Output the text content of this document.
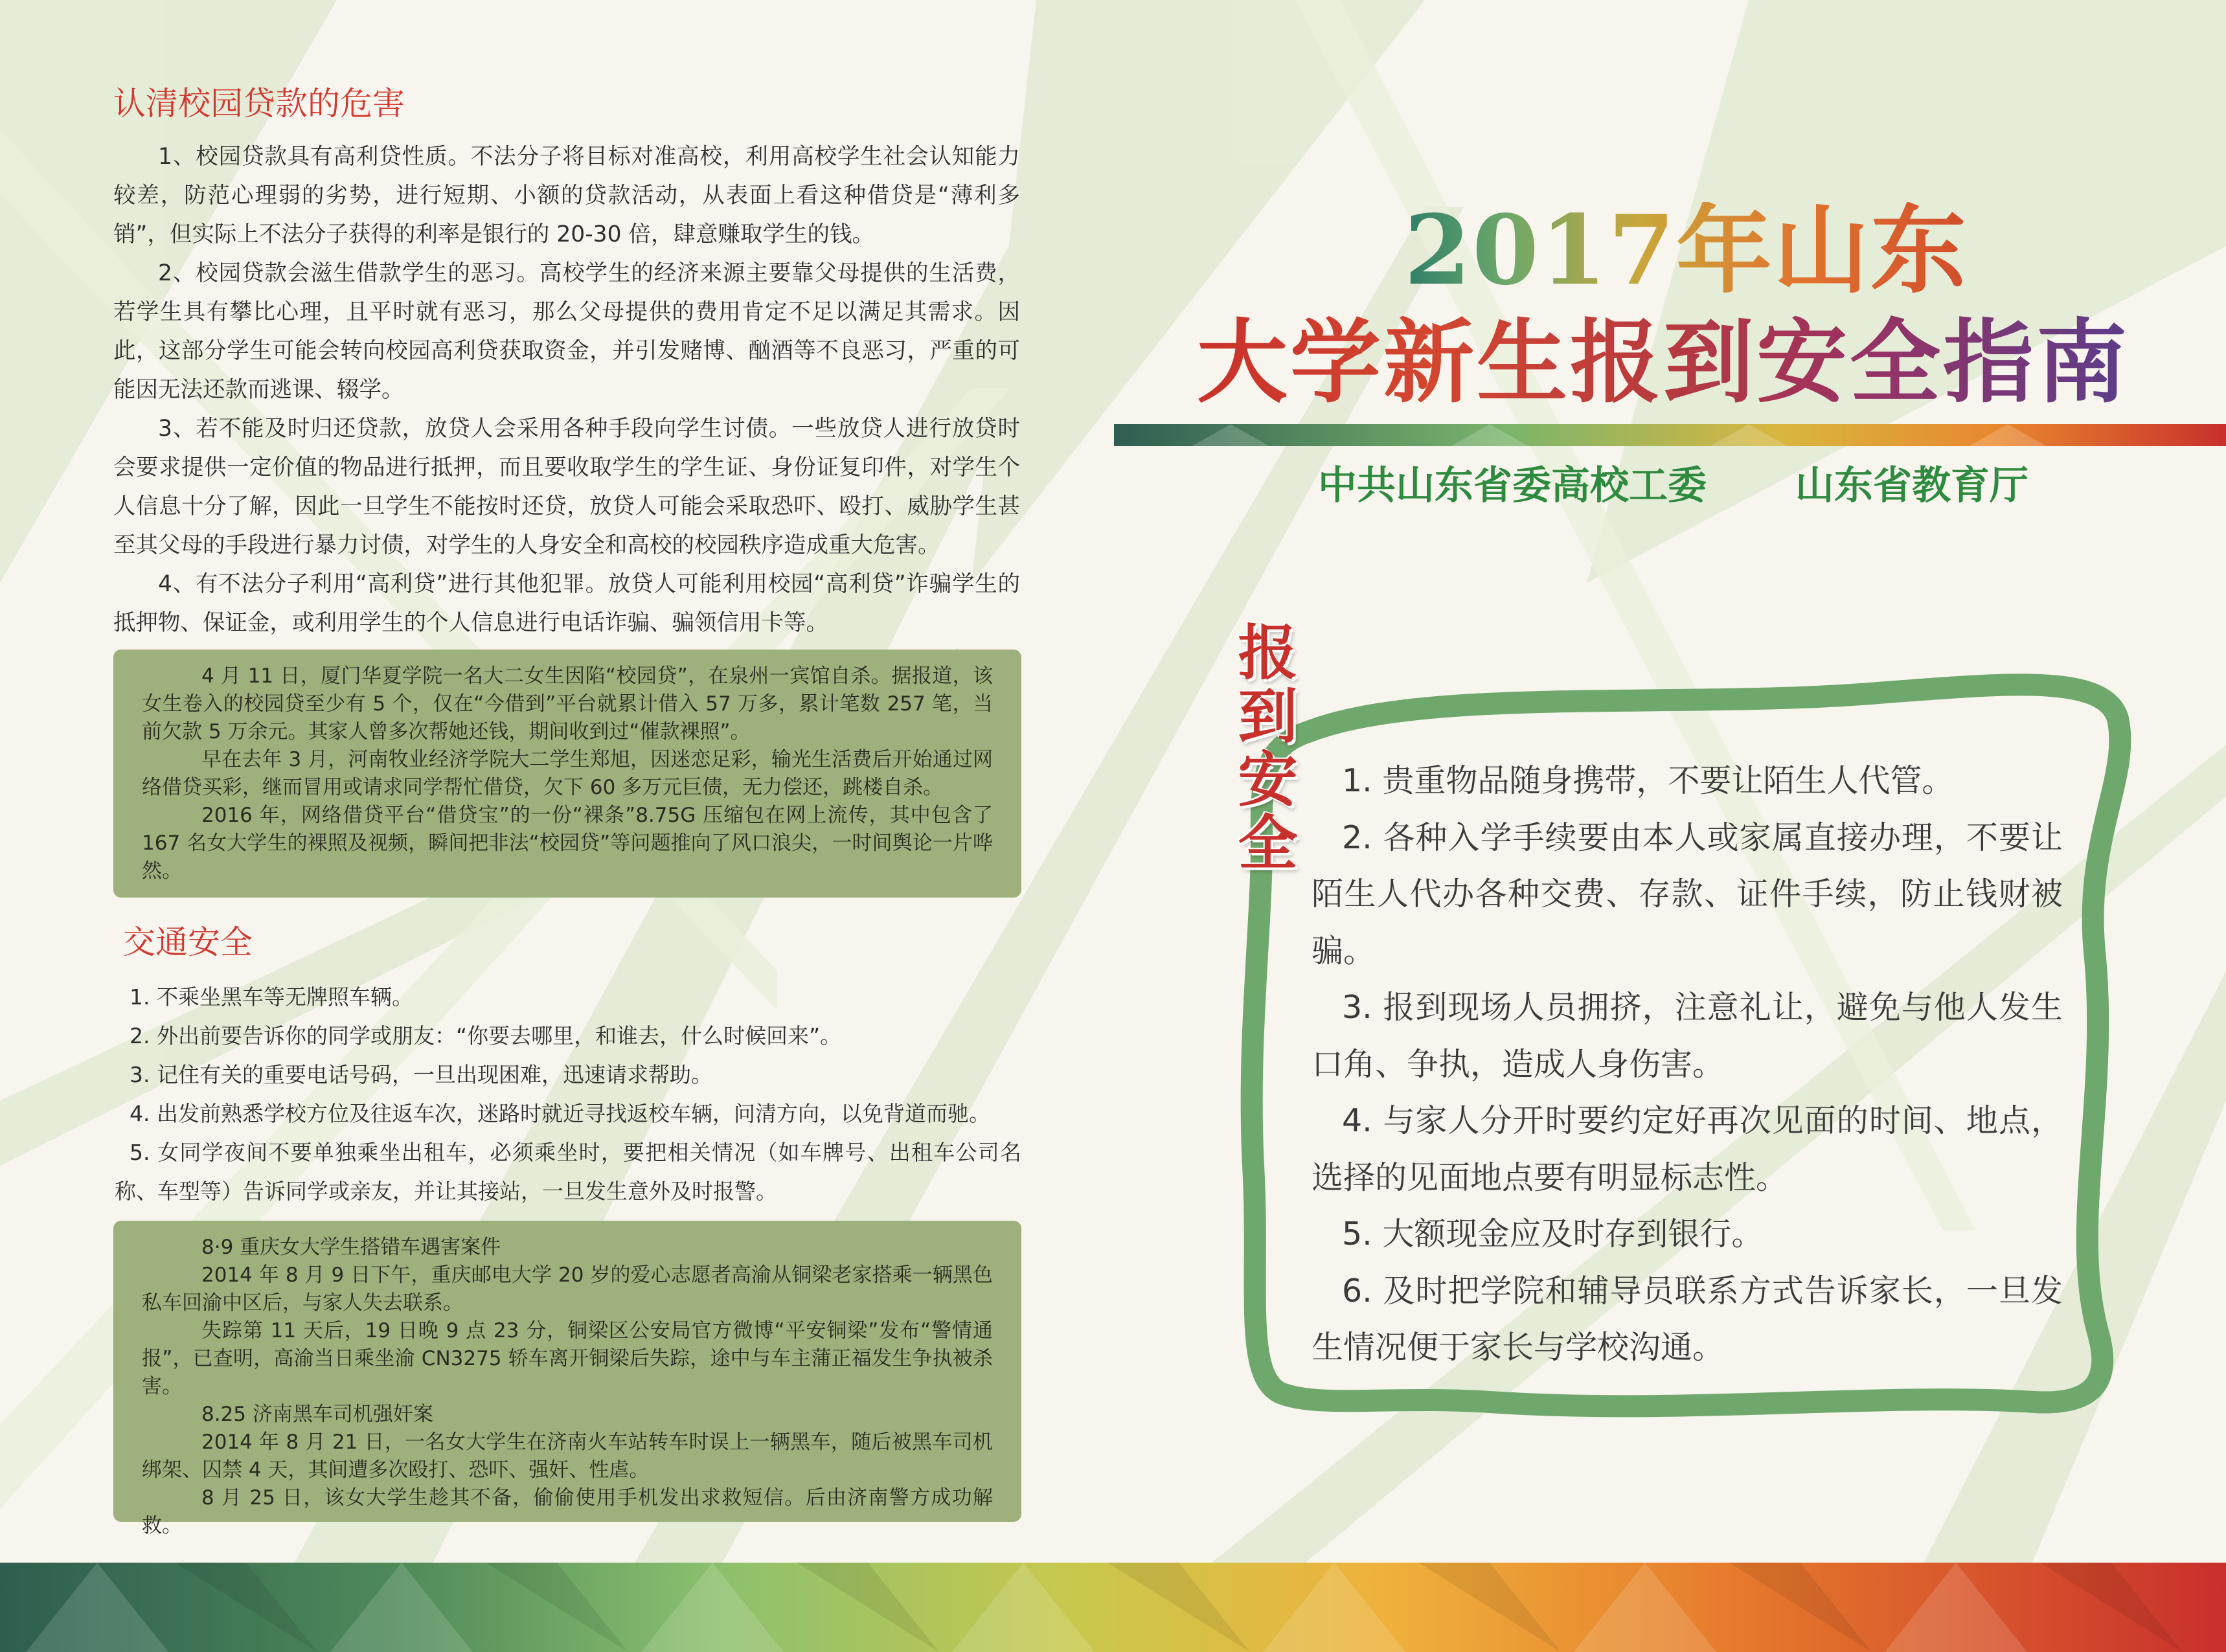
认清校园贷款的危害

1、校园贷款具有高利贷性质。不法分子将目标对准高校，利用高校学生社会认知能力较差，防范心理弱的劣势，进行短期、小额的贷款活动，从表面上看这种借贷是“薄利多销”，但实际上不法分子获得的利率是银行的 20-30 倍，肆意赚取学生的钱。

2、校园贷款会滋生借款学生的恶习。高校学生的经济来源主要靠父母提供的生活费，若学生具有攀比心理，且平时就有恶习，那么父母提供的费用肯定不足以满足其需求。因此，这部分学生可能会转向校园高利贷获取资金，并引发赌博、酗酒等不良恶习，严重的可能因无法还款而逃课、辍学。

3、若不能及时归还贷款，放贷人会采用各种手段向学生讨债。一些放贷人进行放贷时会要求提供一定价值的物品进行抵押，而且要收取学生的学生证、身份证复印件，对学生个人信息十分了解，因此一旦学生不能按时还贷，放贷人可能会采取恐吓、殴打、威胁学生甚至其父母的手段进行暴力讨债，对学生的人身安全和高校的校园秩序造成重大危害。

4、有不法分子利用“高利贷”进行其他犯罪。放贷人可能利用校园“高利贷”诈骗学生的抵押物、保证金，或利用学生的个人信息进行电话诈骗、骗领信用卡等。

4 月 11 日，厦门华夏学院一名大二女生因陷“校园贷”，在泉州一宾馆自杀。据报道，该女生卷入的校园贷至少有 5 个，仅在“今借到”平台就累计借入 57 万多，累计笔数 257 笔，当前欠款 5 万余元。其家人曾多次帮她还钱，期间收到过“催款裸照”。

早在去年 3 月，河南牧业经济学院大二学生郑旭，因迷恋足彩，输光生活费后开始通过网络借贷买彩，继而冒用或请求同学帮忙借贷，欠下 60 多万元巨债，无力偿还，跳楼自杀。

2016 年，网络借贷平台“借贷宝”的一份“裸条”8.75G 压缩包在网上流传，其中包含了 167 名女大学生的裸照及视频，瞬间把非法“校园贷”等问题推向了风口浪尖，一时间舆论一片哗然。

交通安全

1. 不乘坐黑车等无牌照车辆。

2. 外出前要告诉你的同学或朋友：“你要去哪里，和谁去，什么时候回来”。

3. 记住有关的重要电话号码，一旦出现困难，迅速请求帮助。

4. 出发前熟悉学校方位及往返车次，迷路时就近寻找返校车辆，问清方向，以免背道而驰。

5. 女同学夜间不要单独乘坐出租车，必须乘坐时，要把相关情况（如车牌号、出租车公司名称、车型等）告诉同学或亲友，并让其接站，一旦发生意外及时报警。

8·9 重庆女大学生搭错车遇害案件

2014 年 8 月 9 日下午，重庆邮电大学 20 岁的爱心志愿者高渝从铜梁老家搭乘一辆黑色私车回渝中区后，与家人失去联系。

失踪第 11 天后，19 日晚 9 点 23 分，铜梁区公安局官方微博“平安铜梁”发布“警情通报”，已查明，高渝当日乘坐渝 CN3275 轿车离开铜梁后失踪，途中与车主蒲正福发生争执被杀害。

8.25 济南黑车司机强奸案

2014 年 8 月 21 日，一名女大学生在济南火车站转车时误上一辆黑车，随后被黑车司机绑架、囚禁 4 天，其间遭多次殴打、恐吓、强奸、性虐。

8 月 25 日，该女大学生趁其不备，偷偷使用手机发出求救短信。后由济南警方成功解救。

2017年山东
大学新生报到安全指南
中共山东省委高校工委 山东省教育厅
报
到
安
全

1. 贵重物品随身携带，不要让陌生人代管。

2. 各种入学手续要由本人或家属直接办理，不要让陌生人代办各种交费、存款、证件手续，防止钱财被骗。

3. 报到现场人员拥挤，注意礼让，避免与他人发生口角、争执，造成人身伤害。

4. 与家人分开时要约定好再次见面的时间、地点，选择的见面地点要有明显标志性。

5. 大额现金应及时存到银行。

6. 及时把学院和辅导员联系方式告诉家长，一旦发生情况便于家长与学校沟通。
